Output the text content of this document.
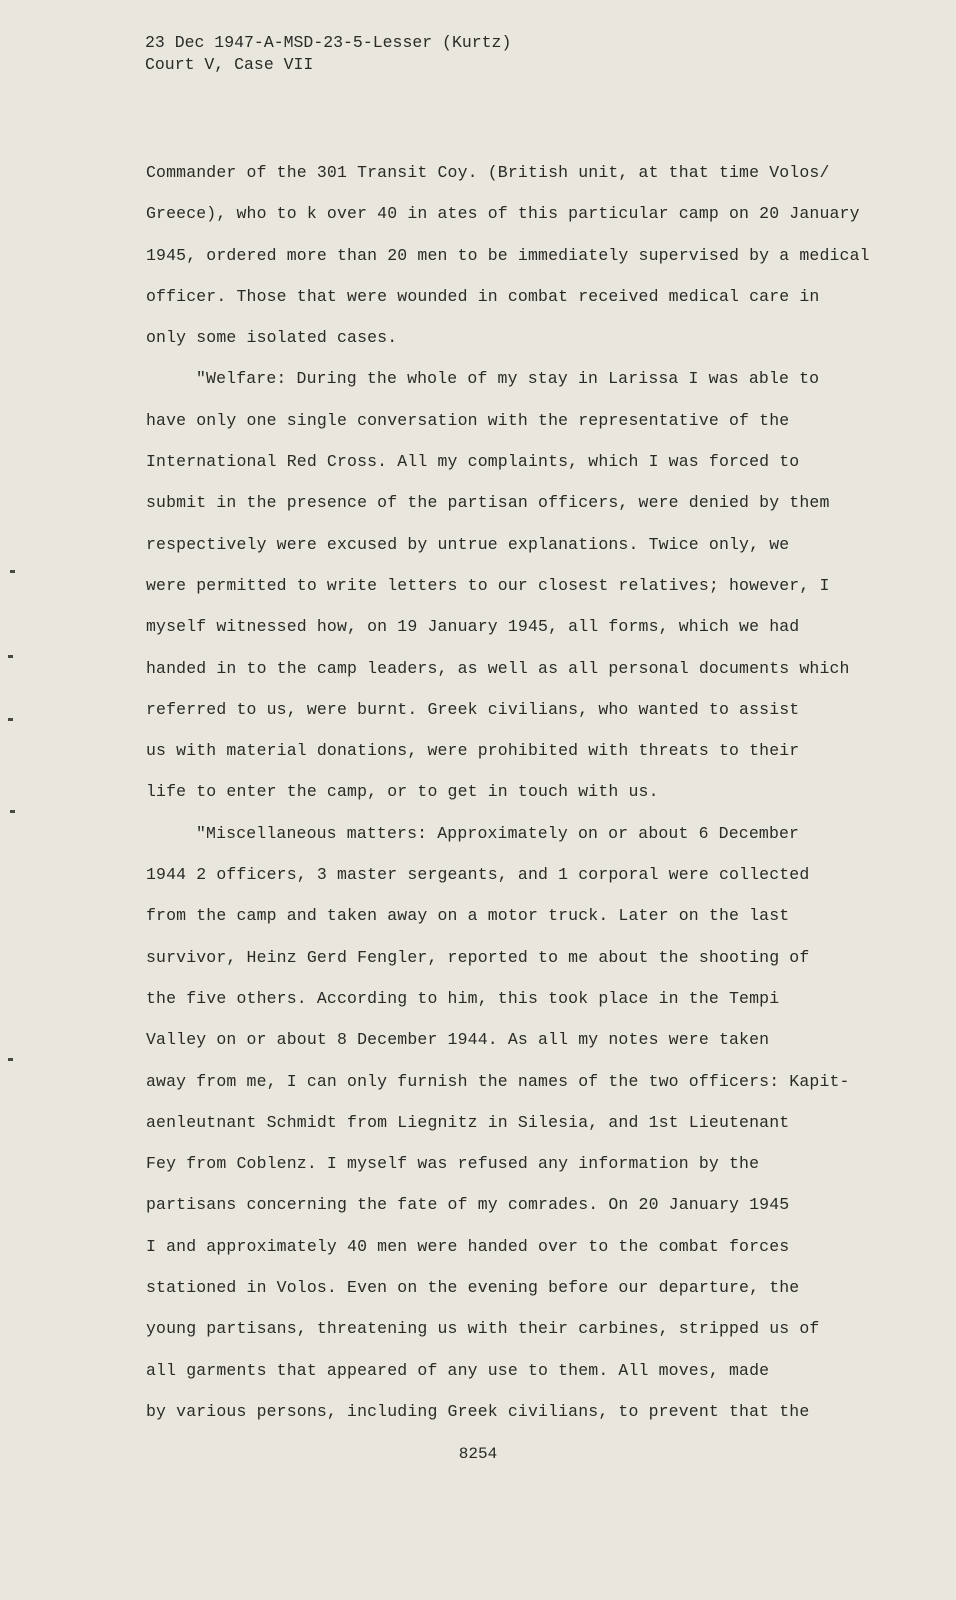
23 Dec 1947-A-MSD-23-5-Lesser (Kurtz)
Court V, Case VII
Commander of the 301 Transit Coy. (British unit, at that time Volos/
Greece), who to k over 40 in ates of this particular camp on 20 January
1945, ordered more than 20 men to be immediately supervised by a medical
officer. Those that were wounded in combat received medical care in
only some isolated cases.
"Welfare: During the whole of my stay in Larissa I was able to
have only one single conversation with the representative of the
International Red Cross. All my complaints, which I was forced to
submit in the presence of the partisan officers, were denied by them
respectively were excused by untrue explanations. Twice only, we
were permitted to write letters to our closest relatives; however, I
myself witnessed how, on 19 January 1945, all forms, which we had
handed in to the camp leaders, as well as all personal documents which
referred to us, were burnt. Greek civilians, who wanted to assist
us with material donations, were prohibited with threats to their
life to enter the camp, or to get in touch with us.
"Miscellaneous matters: Approximately on or about 6 December
1944 2 officers, 3 master sergeants, and 1 corporal were collected
from the camp and taken away on a motor truck. Later on the last
survivor, Heinz Gerd Fengler, reported to me about the shooting of
the five others. According to him, this took place in the Tempi
Valley on or about 8 December 1944. As all my notes were taken
away from me, I can only furnish the names of the two officers: Kapit-
aenleutnant Schmidt from Liegnitz in Silesia, and 1st Lieutenant
Fey from Coblenz. I myself was refused any information by the
partisans concerning the fate of my comrades. On 20 January 1945
I and approximately 40 men were handed over to the combat forces
stationed in Volos. Even on the evening before our departure, the
young partisans, threatening us with their carbines, stripped us of
all garments that appeared of any use to them. All moves, made
by various persons, including Greek civilians, to prevent that the
8254
